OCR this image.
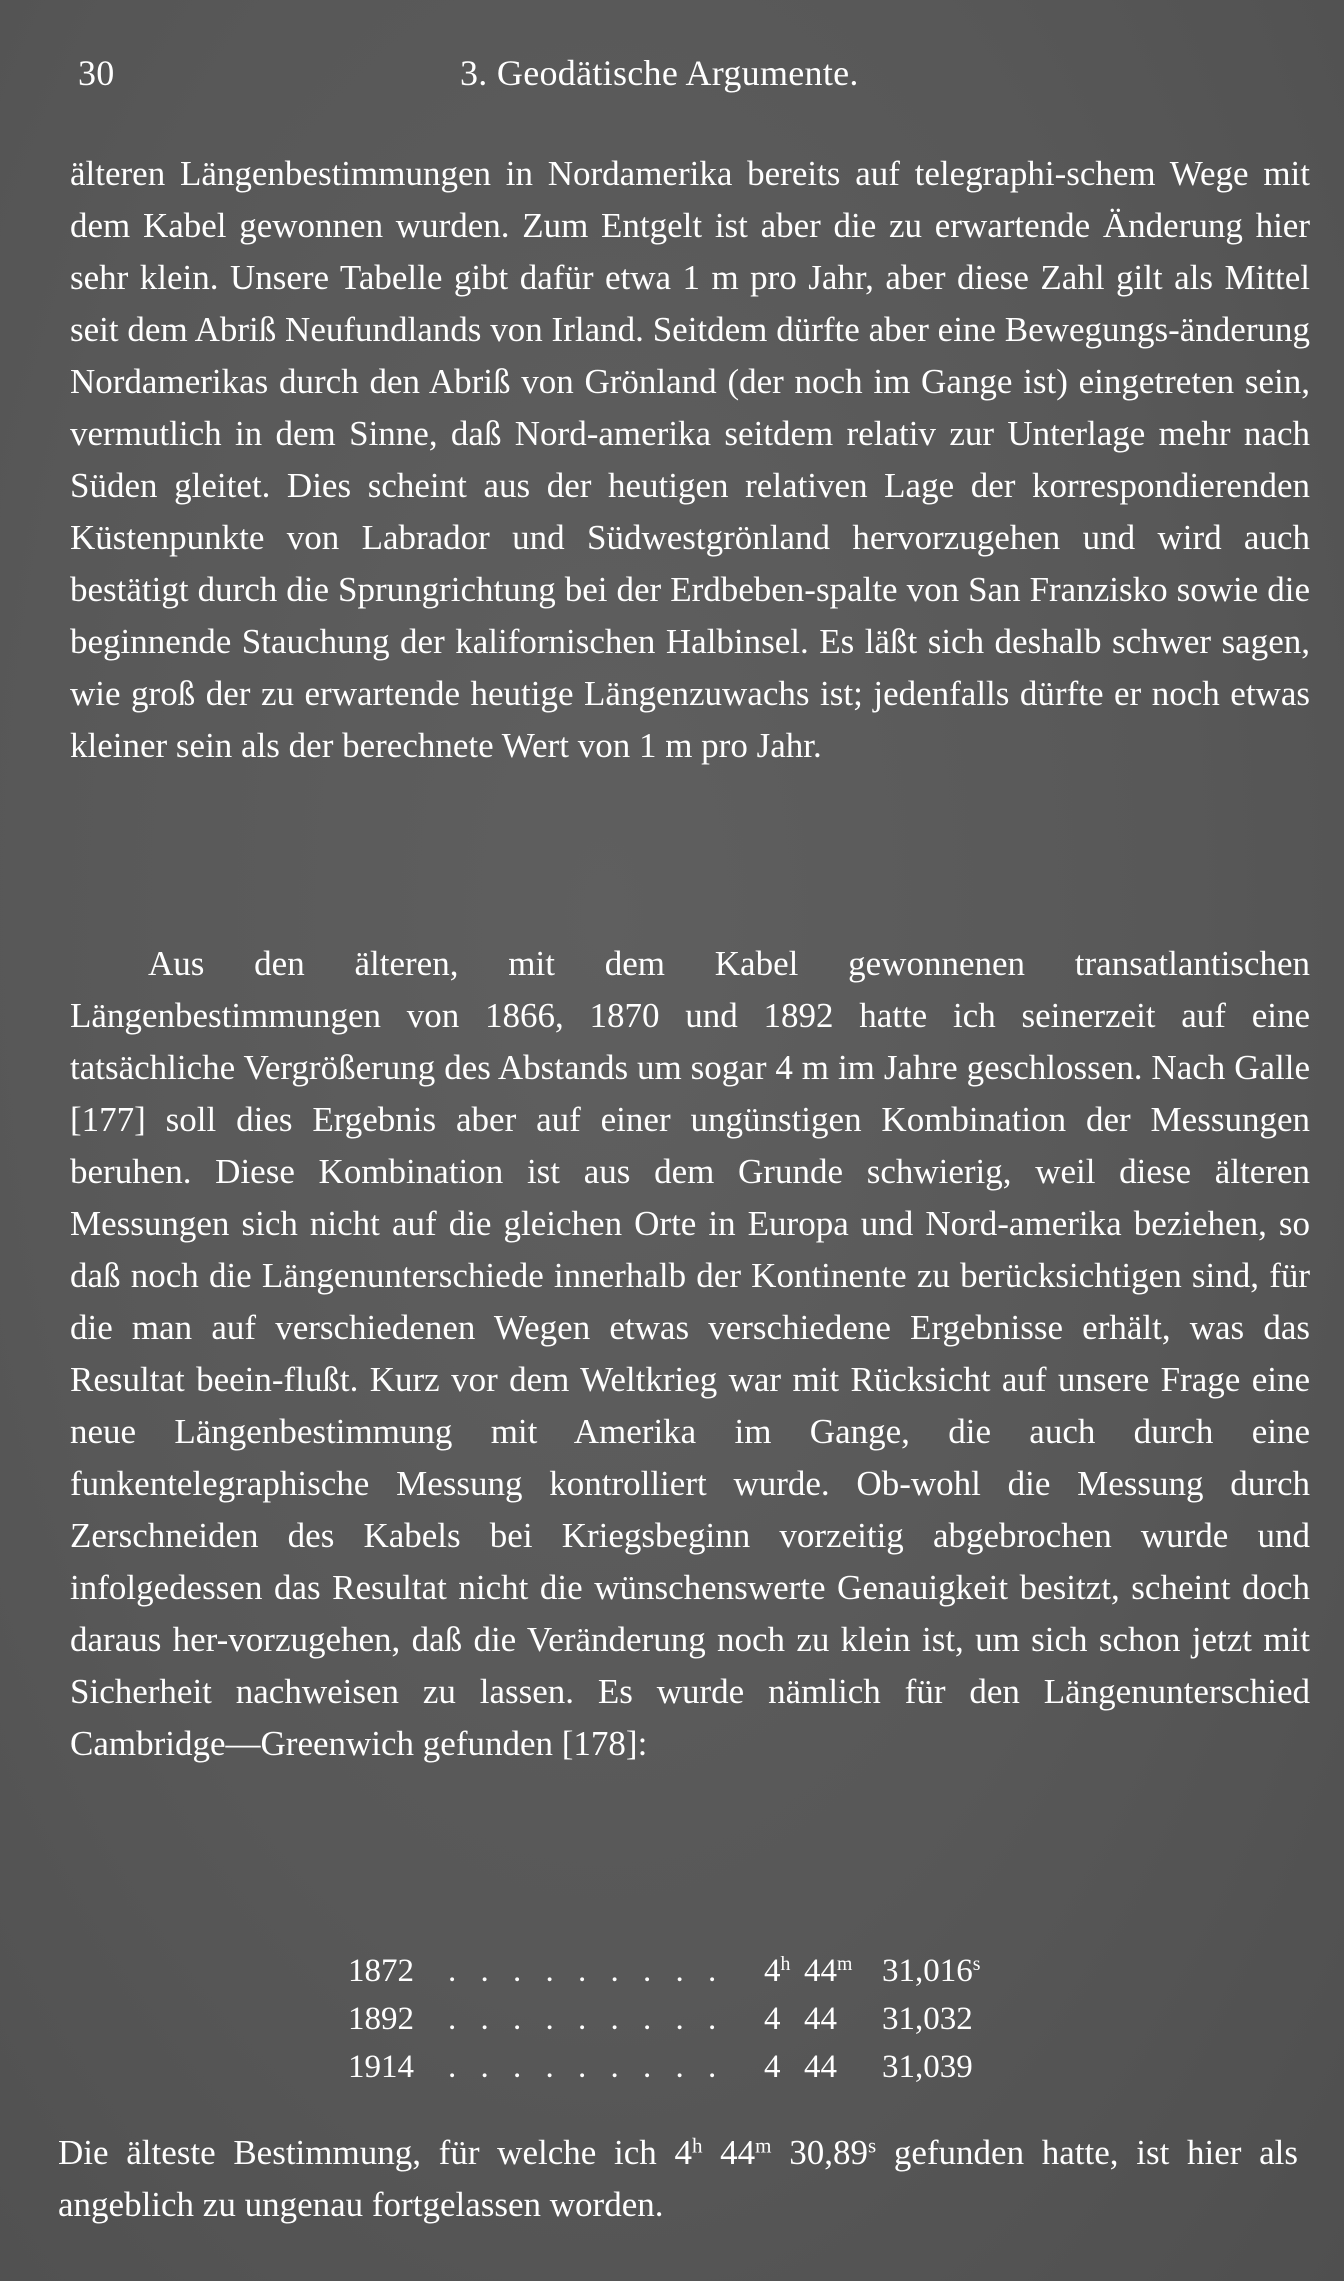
30	3. Geodätische Argumente.

älteren Längenbestimmungen in Nordamerika bereits auf telegraphi-schem Wege mit dem Kabel gewonnen wurden. Zum Entgelt ist aber die zu erwartende Änderung hier sehr klein. Unsere Tabelle gibt dafür etwa 1 m pro Jahr, aber diese Zahl gilt als Mittel seit dem Abriß Neufundlands von Irland. Seitdem dürfte aber eine Bewegungs-änderung Nordamerikas durch den Abriß von Grönland (der noch im Gange ist) eingetreten sein, vermutlich in dem Sinne, daß Nord-amerika seitdem relativ zur Unterlage mehr nach Süden gleitet. Dies scheint aus der heutigen relativen Lage der korrespondierenden Küstenpunkte von Labrador und Südwestgrönland hervorzugehen und wird auch bestätigt durch die Sprungrichtung bei der Erdbeben-spalte von San Franzisko sowie die beginnende Stauchung der kalifornischen Halbinsel. Es läßt sich deshalb schwer sagen, wie groß der zu erwartende heutige Längenzuwachs ist; jedenfalls dürfte er noch etwas kleiner sein als der berechnete Wert von 1 m pro Jahr.

Aus den älteren, mit dem Kabel gewonnenen transatlantischen Längenbestimmungen von 1866, 1870 und 1892 hatte ich seinerzeit auf eine tatsächliche Vergrößerung des Abstands um sogar 4 m im Jahre geschlossen. Nach Galle [177] soll dies Ergebnis aber auf einer ungünstigen Kombination der Messungen beruhen. Diese Kombination ist aus dem Grunde schwierig, weil diese älteren Messungen sich nicht auf die gleichen Orte in Europa und Nord-amerika beziehen, so daß noch die Längenunterschiede innerhalb der Kontinente zu berücksichtigen sind, für die man auf verschiedenen Wegen etwas verschiedene Ergebnisse erhält, was das Resultat beein-flußt. Kurz vor dem Weltkrieg war mit Rücksicht auf unsere Frage eine neue Längenbestimmung mit Amerika im Gange, die auch durch eine funkentelegraphische Messung kontrolliert wurde. Ob-wohl die Messung durch Zerschneiden des Kabels bei Kriegsbeginn vorzeitig abgebrochen wurde und infolgedessen das Resultat nicht die wünschenswerte Genauigkeit besitzt, scheint doch daraus her-vorzugehen, daß die Veränderung noch zu klein ist, um sich schon jetzt mit Sicherheit nachweisen zu lassen. Es wurde nämlich für den Längenunterschied Cambridge—Greenwich gefunden [178]:

1872	. . . . . . . . .	4$^h$ 44$^m$ 31,016$^s$
1892	. . . . . . . . .	4 44	31,032
1914	. . . . . . . . .	4 44	31,039

Die älteste Bestimmung, für welche ich 4$^h$ 44$^m$ 30,89$^s$ gefunden hatte, ist hier als angeblich zu ungenau fortgelassen worden.
